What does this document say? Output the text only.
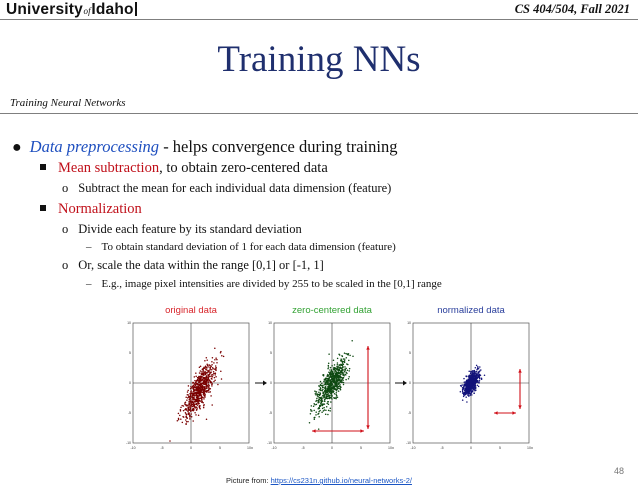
UniversityofIdaho	CS 404/504, Fall 2021
Training NNs
Training Neural Networks
● Data preprocessing - helps convergence during training
Mean subtraction, to obtain zero-centered data
o Subtract the mean for each individual data dimension (feature)
Normalization
o Divide each feature by its standard deviation
– To obtain standard deviation of 1 for each data dimension (feature)
o Or, scale the data within the range [0,1] or [-1, 1]
– E.g., image pixel intensities are divided by 255 to be scaled in the [0,1] range
original data
-10
-10
-5
-5
0
0
5
5
10
10
x
zero-centered data
-10
-10
-5
-5
0
0
5
5
10
10
x
normalized data
-10
-10
-5
-5
0
0
5
5
10
10
x
Picture from: https://cs231n.github.io/neural-networks-2/
48
